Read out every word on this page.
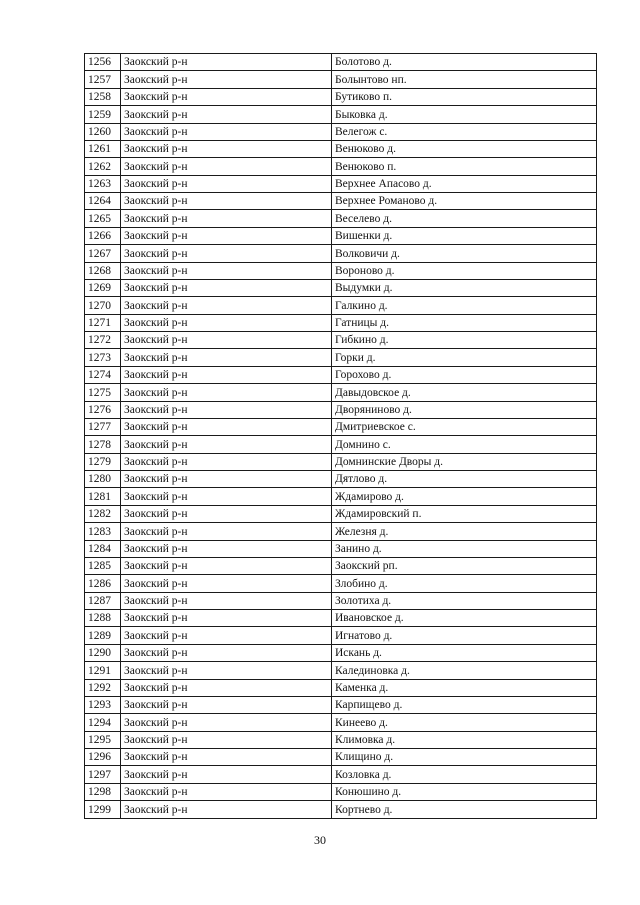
1256	Заокский р-н	Болотово д.
1257	Заокский р-н	Болынтово нп.
1258	Заокский р-н	Бутиково п.
1259	Заокский р-н	Быковка д.
1260	Заокский р-н	Велегож с.
1261	Заокский р-н	Венюково д.
1262	Заокский р-н	Венюково п.
1263	Заокский р-н	Верхнее Апасово д.
1264	Заокский р-н	Верхнее Романово д.
1265	Заокский р-н	Веселево д.
1266	Заокский р-н	Вишенки д.
1267	Заокский р-н	Волковичи д.
1268	Заокский р-н	Вороново д.
1269	Заокский р-н	Выдумки д.
1270	Заокский р-н	Галкино д.
1271	Заокский р-н	Гатницы д.
1272	Заокский р-н	Гибкино д.
1273	Заокский р-н	Горки д.
1274	Заокский р-н	Горохово д.
1275	Заокский р-н	Давыдовское д.
1276	Заокский р-н	Дворяниново д.
1277	Заокский р-н	Дмитриевское с.
1278	Заокский р-н	Домнино с.
1279	Заокский р-н	Домнинские Дворы д.
1280	Заокский р-н	Дятлово д.
1281	Заокский р-н	Ждамирово д.
1282	Заокский р-н	Ждамировский п.
1283	Заокский р-н	Железня д.
1284	Заокский р-н	Занино д.
1285	Заокский р-н	Заокский рп.
1286	Заокский р-н	Злобино д.
1287	Заокский р-н	Золотиха д.
1288	Заокский р-н	Ивановское д.
1289	Заокский р-н	Игнатово д.
1290	Заокский р-н	Искань д.
1291	Заокский р-н	Калединовка д.
1292	Заокский р-н	Каменка д.
1293	Заокский р-н	Карпищево д.
1294	Заокский р-н	Кинеево д.
1295	Заокский р-н	Климовка д.
1296	Заокский р-н	Клищино д.
1297	Заокский р-н	Козловка д.
1298	Заокский р-н	Конюшино д.
1299	Заокский р-н	Кортнево д.
30
